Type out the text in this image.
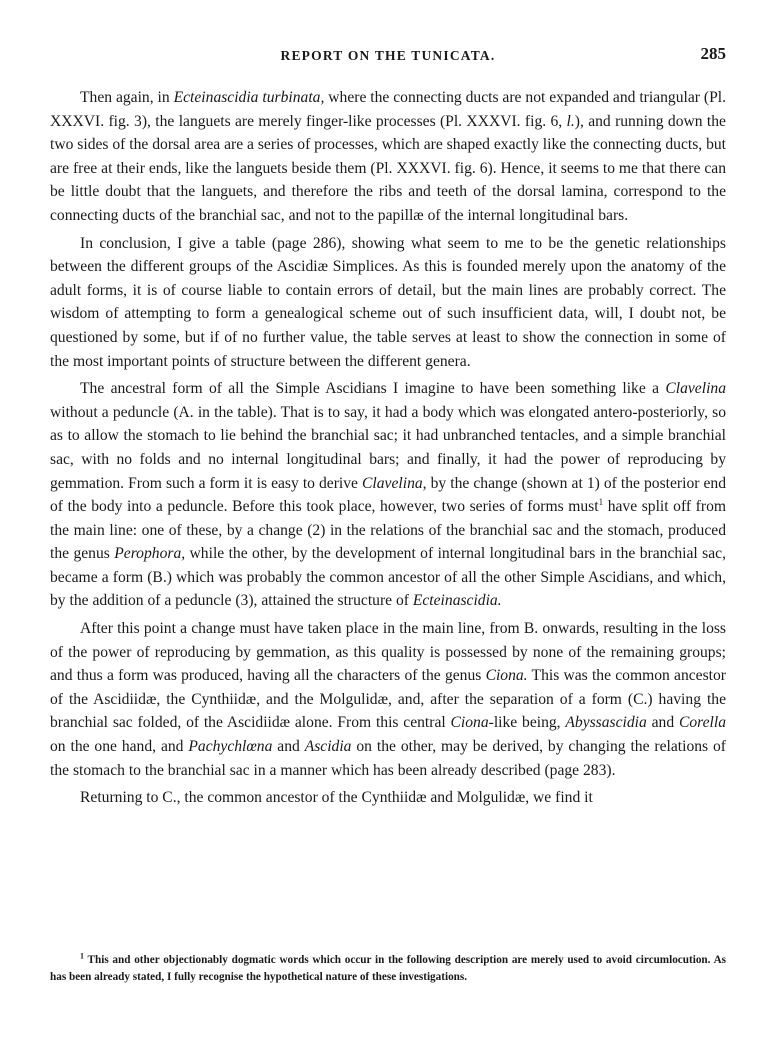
REPORT ON THE TUNICATA.	285

Then again, in Ecteinascidia turbinata, where the connecting ducts are not expanded and triangular (Pl. XXXVI. fig. 3), the languets are merely finger-like processes (Pl. XXXVI. fig. 6, l.), and running down the two sides of the dorsal area are a series of processes, which are shaped exactly like the connecting ducts, but are free at their ends, like the languets beside them (Pl. XXXVI. fig. 6). Hence, it seems to me that there can be little doubt that the languets, and therefore the ribs and teeth of the dorsal lamina, correspond to the connecting ducts of the branchial sac, and not to the papillæ of the internal longitudinal bars.

In conclusion, I give a table (page 286), showing what seem to me to be the genetic relationships between the different groups of the Ascidiæ Simplices. As this is founded merely upon the anatomy of the adult forms, it is of course liable to contain errors of detail, but the main lines are probably correct. The wisdom of attempting to form a genealogical scheme out of such insufficient data, will, I doubt not, be questioned by some, but if of no further value, the table serves at least to show the connection in some of the most important points of structure between the different genera.

The ancestral form of all the Simple Ascidians I imagine to have been something like a Clavelina without a peduncle (A. in the table). That is to say, it had a body which was elongated antero-posteriorly, so as to allow the stomach to lie behind the branchial sac; it had unbranched tentacles, and a simple branchial sac, with no folds and no internal longitudinal bars; and finally, it had the power of reproducing by gemmation. From such a form it is easy to derive Clavelina, by the change (shown at 1) of the posterior end of the body into a peduncle. Before this took place, however, two series of forms must$^1$ have split off from the main line: one of these, by a change (2) in the relations of the branchial sac and the stomach, produced the genus Perophora, while the other, by the development of internal longitudinal bars in the branchial sac, became a form (B.) which was probably the common ancestor of all the other Simple Ascidians, and which, by the addition of a peduncle (3), attained the structure of Ecteinascidia.

After this point a change must have taken place in the main line, from B. onwards, resulting in the loss of the power of reproducing by gemmation, as this quality is possessed by none of the remaining groups; and thus a form was produced, having all the characters of the genus Ciona. This was the common ancestor of the Ascidiidæ, the Cynthiidæ, and the Molgulidæ, and, after the separation of a form (C.) having the branchial sac folded, of the Ascidiidæ alone. From this central Ciona-like being, Abyssascidia and Corella on the one hand, and Pachychlœna and Ascidia on the other, may be derived, by changing the relations of the stomach to the branchial sac in a manner which has been already described (page 283).

Returning to C., the common ancestor of the Cynthiidæ and Molgulidæ, we find it

$^1$ This and other objectionably dogmatic words which occur in the following description are merely used to avoid circumlocution. As has been already stated, I fully recognise the hypothetical nature of these investigations.
